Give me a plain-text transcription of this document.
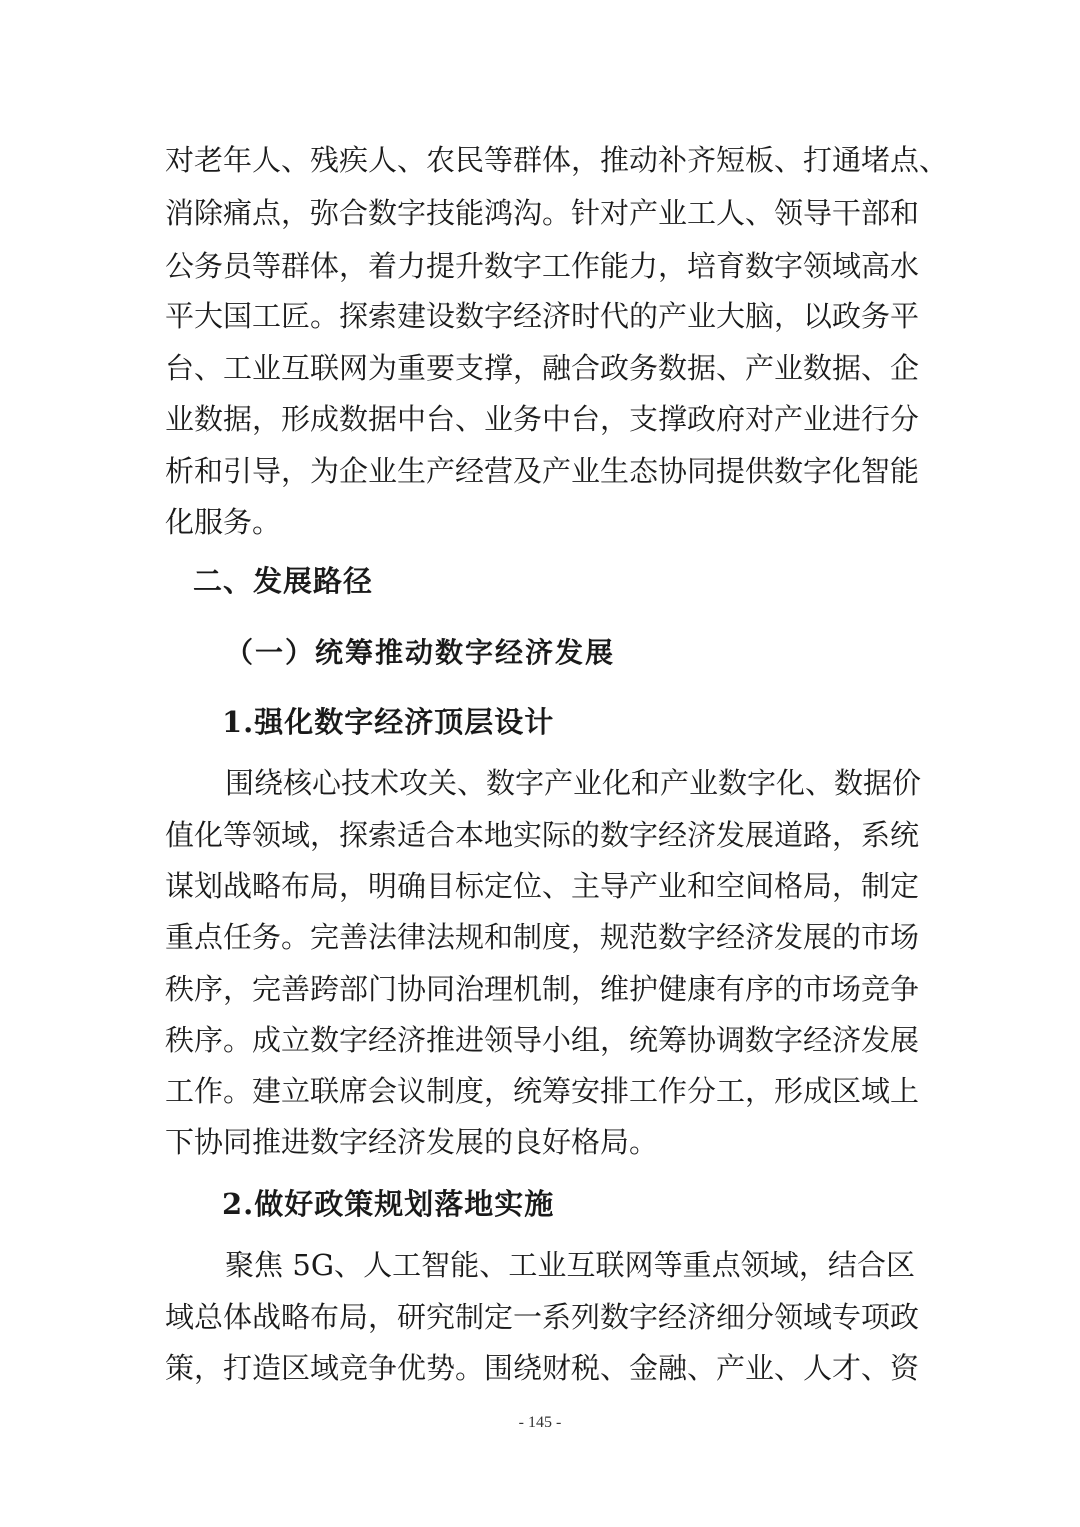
对老年人、残疾人、农民等群体，推动补齐短板、打通堵点、
消除痛点，弥合数字技能鸿沟。针对产业工人、领导干部和
公务员等群体，着力提升数字工作能力，培育数字领域高水
平大国工匠。探索建设数字经济时代的产业大脑，以政务平
台、工业互联网为重要支撑，融合政务数据、产业数据、企
业数据，形成数据中台、业务中台，支撑政府对产业进行分
析和引导，为企业生产经营及产业生态协同提供数字化智能
化服务。
二、发展路径
（一）统筹推动数字经济发展
1.强化数字经济顶层设计
围绕核心技术攻关、数字产业化和产业数字化、数据价
值化等领域，探索适合本地实际的数字经济发展道路，系统
谋划战略布局，明确目标定位、主导产业和空间格局，制定
重点任务。完善法律法规和制度，规范数字经济发展的市场
秩序，完善跨部门协同治理机制，维护健康有序的市场竞争
秩序。成立数字经济推进领导小组，统筹协调数字经济发展
工作。建立联席会议制度，统筹安排工作分工，形成区域上
下协同推进数字经济发展的良好格局。
2.做好政策规划落地实施
聚焦 5G、人工智能、工业互联网等重点领域，结合区
域总体战略布局，研究制定一系列数字经济细分领域专项政
策，打造区域竞争优势。围绕财税、金融、产业、人才、资
- 145 -
